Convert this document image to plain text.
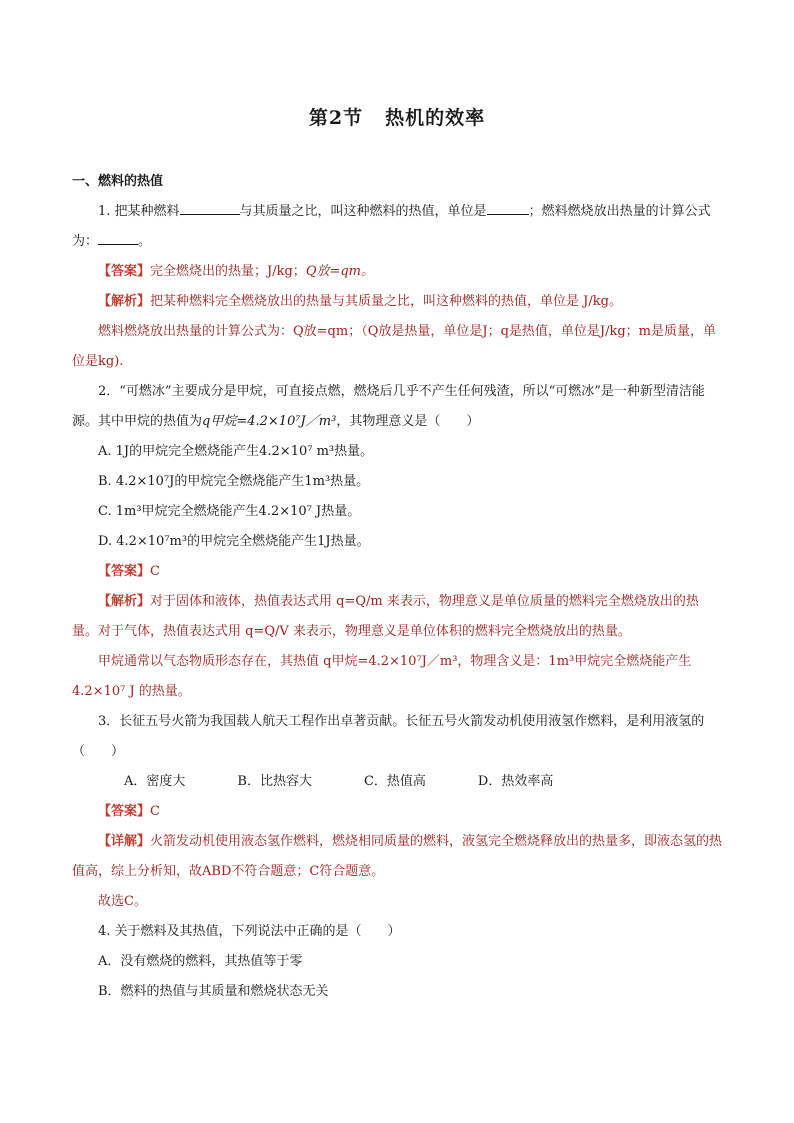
第2节 热机的效率
一、燃料的热值

1. 把某种燃料	与其质量之比，叫这种燃料的热值，单位是	；燃料燃烧放出热量的计算公式为：	。

【答案】完全燃烧出的热量；J/kg；Q放=qm。

【解析】把某种燃料完全燃烧放出的热量与其质量之比，叫这种燃料的热值，单位是 J/kg。

燃料燃烧放出热量的计算公式为：Q放=qm；（Q放是热量，单位是J；q是热值，单位是J/kg；m是质量，单位是kg).

2．“可燃冰”主要成分是甲烷，可直接点燃，燃烧后几乎不产生任何残渣，所以“可燃冰”是一种新型清洁能源。其中甲烷的热值为q甲烷=4.2×10⁷J／m³，其物理意义是（　　）

A. 1J的甲烷完全燃烧能产生4.2×10⁷ m³热量。

B. 4.2×10⁷J的甲烷完全燃烧能产生1m³热量。

C. 1m³甲烷完全燃烧能产生4.2×10⁷ J热量。

D. 4.2×10⁷m³的甲烷完全燃烧能产生1J热量。

【答案】C

【解析】对于固体和液体，热值表达式用 q=Q/m 来表示，物理意义是单位质量的燃料完全燃烧放出的热量。对于气体，热值表达式用 q=Q/V 来表示，物理意义是单位体积的燃料完全燃烧放出的热量。

甲烷通常以气态物质形态存在，其热值 q甲烷=4.2×10⁷J／m³，物理含义是：1m³甲烷完全燃烧能产生 4.2×10⁷ J 的热量。

3．长征五号火箭为我国载人航天工程作出卓著贡献。长征五号火箭发动机使用液氢作燃料，是利用液氢的（　　）

A．密度大	B．比热容大	C．热值高	D．热效率高

【答案】C

【详解】火箭发动机使用液态氢作燃料，燃烧相同质量的燃料，液氢完全燃烧释放出的热量多，即液态氢的热值高，综上分析知，故ABD不符合题意；C符合题意。

故选C。

4. 关于燃料及其热值，下列说法中正确的是（　　）

A．没有燃烧的燃料，其热值等于零

B．燃料的热值与其质量和燃烧状态无关
